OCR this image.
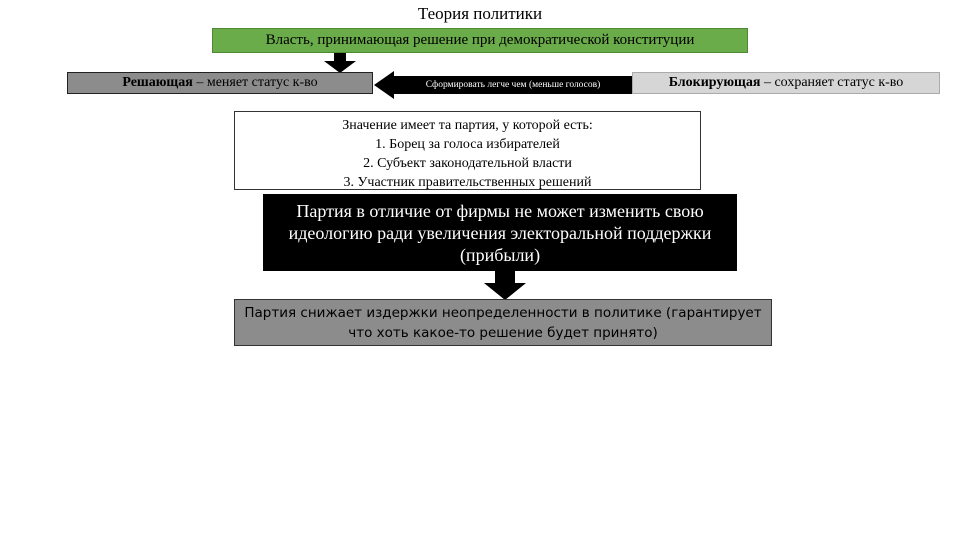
Теория политики
Власть, принимающая решение при демократической конституции
Решающая – меняет статус к-во	Сформировать легче чем (меньше голосов)	Блокирующая – сохраняет статус к-во
Значение имеет та партия, у которой есть:
1. Борец за голоса избирателей
2. Субъект законодательной власти
3. Участник правительственных решений
Партия в отличие от фирмы не может изменить свою идеологию ради увеличения электоральной поддержки (прибыли)
Партия снижает издержки неопределенности в политике (гарантирует что хоть какое-то решение будет принято)
